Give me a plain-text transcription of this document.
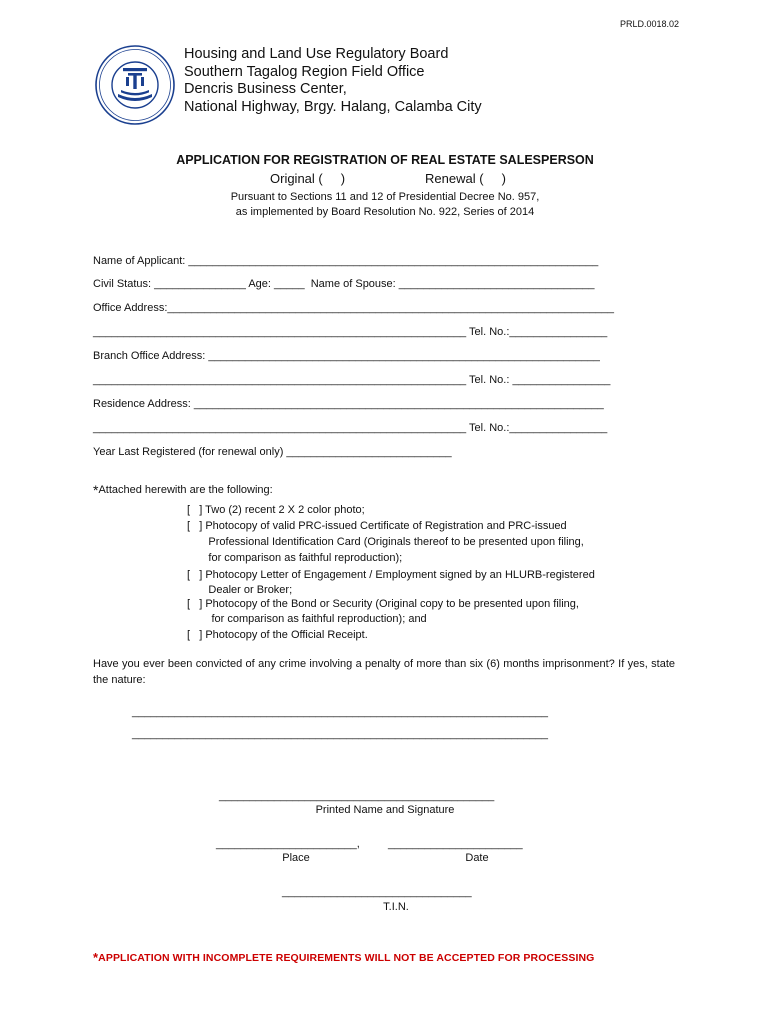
PRLD.0018.02
Housing and Land Use Regulatory Board
Southern Tagalog Region Field Office
Dencris Business Center,
National Highway, Brgy. Halang, Calamba City
APPLICATION FOR REGISTRATION OF REAL ESTATE SALESPERSON
Original (     )	Renewal (     )
Pursuant to Sections 11 and 12 of Presidential Decree No. 957,
as implemented by Board Resolution No. 922, Series of 2014
Name of Applicant: ___________________________________________________________________
Civil Status: _______________ Age: _____  Name of Spouse: ________________________________
Office Address:_________________________________________________________________________
_____________________________________________________________ Tel. No.:________________
Branch Office Address: ________________________________________________________________
_____________________________________________________________ Tel. No.: ________________
Residence Address: ___________________________________________________________________
_____________________________________________________________ Tel. No.:________________
Year Last Registered (for renewal only) ___________________________
*Attached herewith are the following:
[   ] Two (2) recent 2 X 2 color photo;
[   ] Photocopy of valid PRC-issued Certificate of Registration and PRC-issued
Professional Identification Card (Originals thereof to be presented upon filing,
for comparison as faithful reproduction);
[   ] Photocopy Letter of Engagement / Employment signed by an HLURB-registered
Dealer or Broker;
[   ] Photocopy of the Bond or Security (Original copy to be presented upon filing,
for comparison as faithful reproduction); and
[   ] Photocopy of the Official Receipt.
Have you ever been convicted of any crime involving a penalty of more than six (6) months imprisonment? If yes, state the nature:
____________________________________________________________________
____________________________________________________________________
_____________________________________________
Printed Name and Signature
_______________________,	______________________
Place	Date
_______________________________
T.I.N.
*APPLICATION WITH INCOMPLETE REQUIREMENTS WILL NOT BE ACCEPTED FOR PROCESSING
